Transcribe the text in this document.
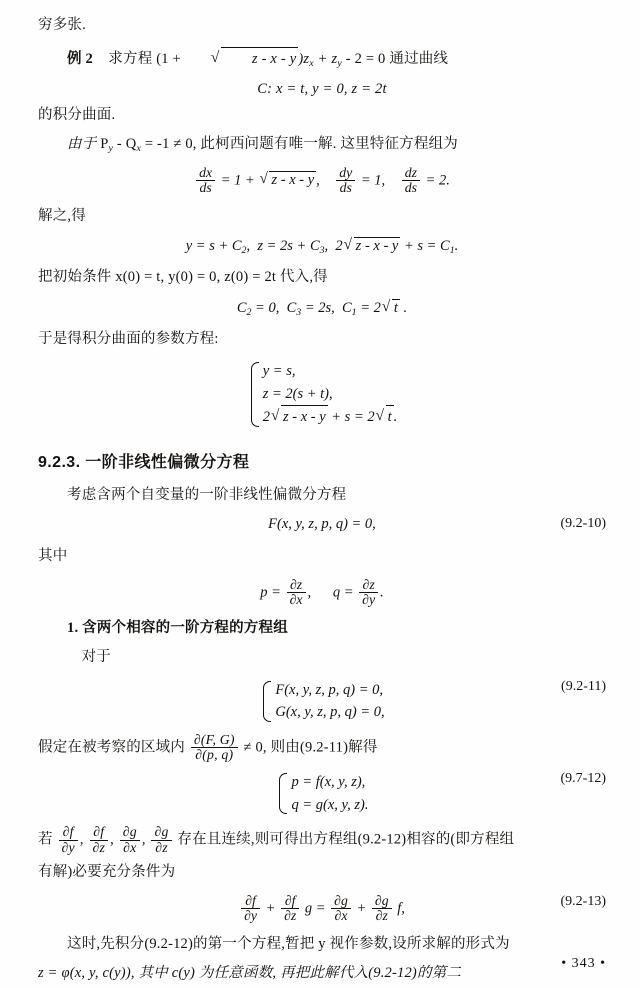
穷多张.

例 2 求方程 (1 +	√ z - x - y )$z_x + z_y - 2 = 0$ 通过曲线

C: x = t, y = 0, z = 2t

的积分曲面.

由于 $P_y - Q_x = -1 \ne 0$, 此柯西问题有唯一解. 这里特征方程组为

$\frac{dx}{ds} = 1$ + √ z - x - y , $\frac{dy}{ds} = 1$, $\frac{dz}{ds} = 2$.

解之,得

$y = s + C_2$,  $z = 2s + C_3$,  2 √ $z - x - y + s = C_1$.

把初始条件 x(0) = t, y(0) = 0, z(0) = 2t 代入,得

$C_2 = 0$,  $C_3 = 2s$,  $C_1 = 2$ √ t .

于是得积分曲面的参数方程:

y = s,
z = 2(s + t),
2 √ z - x - y + s = 2 √ t .
9.2.3. 一阶非线性偏微分方程

考虑含两个自变量的一阶非线性偏微分方程

F(x, y, z, p, q) = 0,	(9.2-10)

其中

$p = \frac{\partial z}{\partial x}$ ,      $q = \frac{\partial z}{\partial y}$ .

1. 含两个相容的一阶方程的方程组

对于

F(x, y, z, p, q) = 0,
G(x, y, z, p, q) = 0,
(9.2-11)

假定在被考察的区域内 $\frac{\partial(F, G)}{\partial(p, q)} \ne 0$, 则由(9.2-11)解得

p = f(x, y, z),
q = g(x, y, z).
(9.7-12)

若 $\frac{\partial f}{\partial y}$ , $\frac{\partial f}{\partial z}$ , $\frac{\partial g}{\partial x}$ , $\frac{\partial g}{\partial z}$ 存在且连续,则可得出方程组(9.2-12)相容的(即方程组

有解)必要充分条件为

$\frac{\partial f}{\partial y} + \frac{\partial f}{\partial z}$ $g = \frac{\partial g}{\partial x} + \frac{\partial g}{\partial z} f$,	(9.2-13)

这时,先积分(9.2-12)的第一个方程,暂把 y 视作参数,设所求解的形式为

z = φ(x, y, c(y)), 其中 c(y) 为任意函数, 再把此解代入(9.2-12)的第二

• 343 •
